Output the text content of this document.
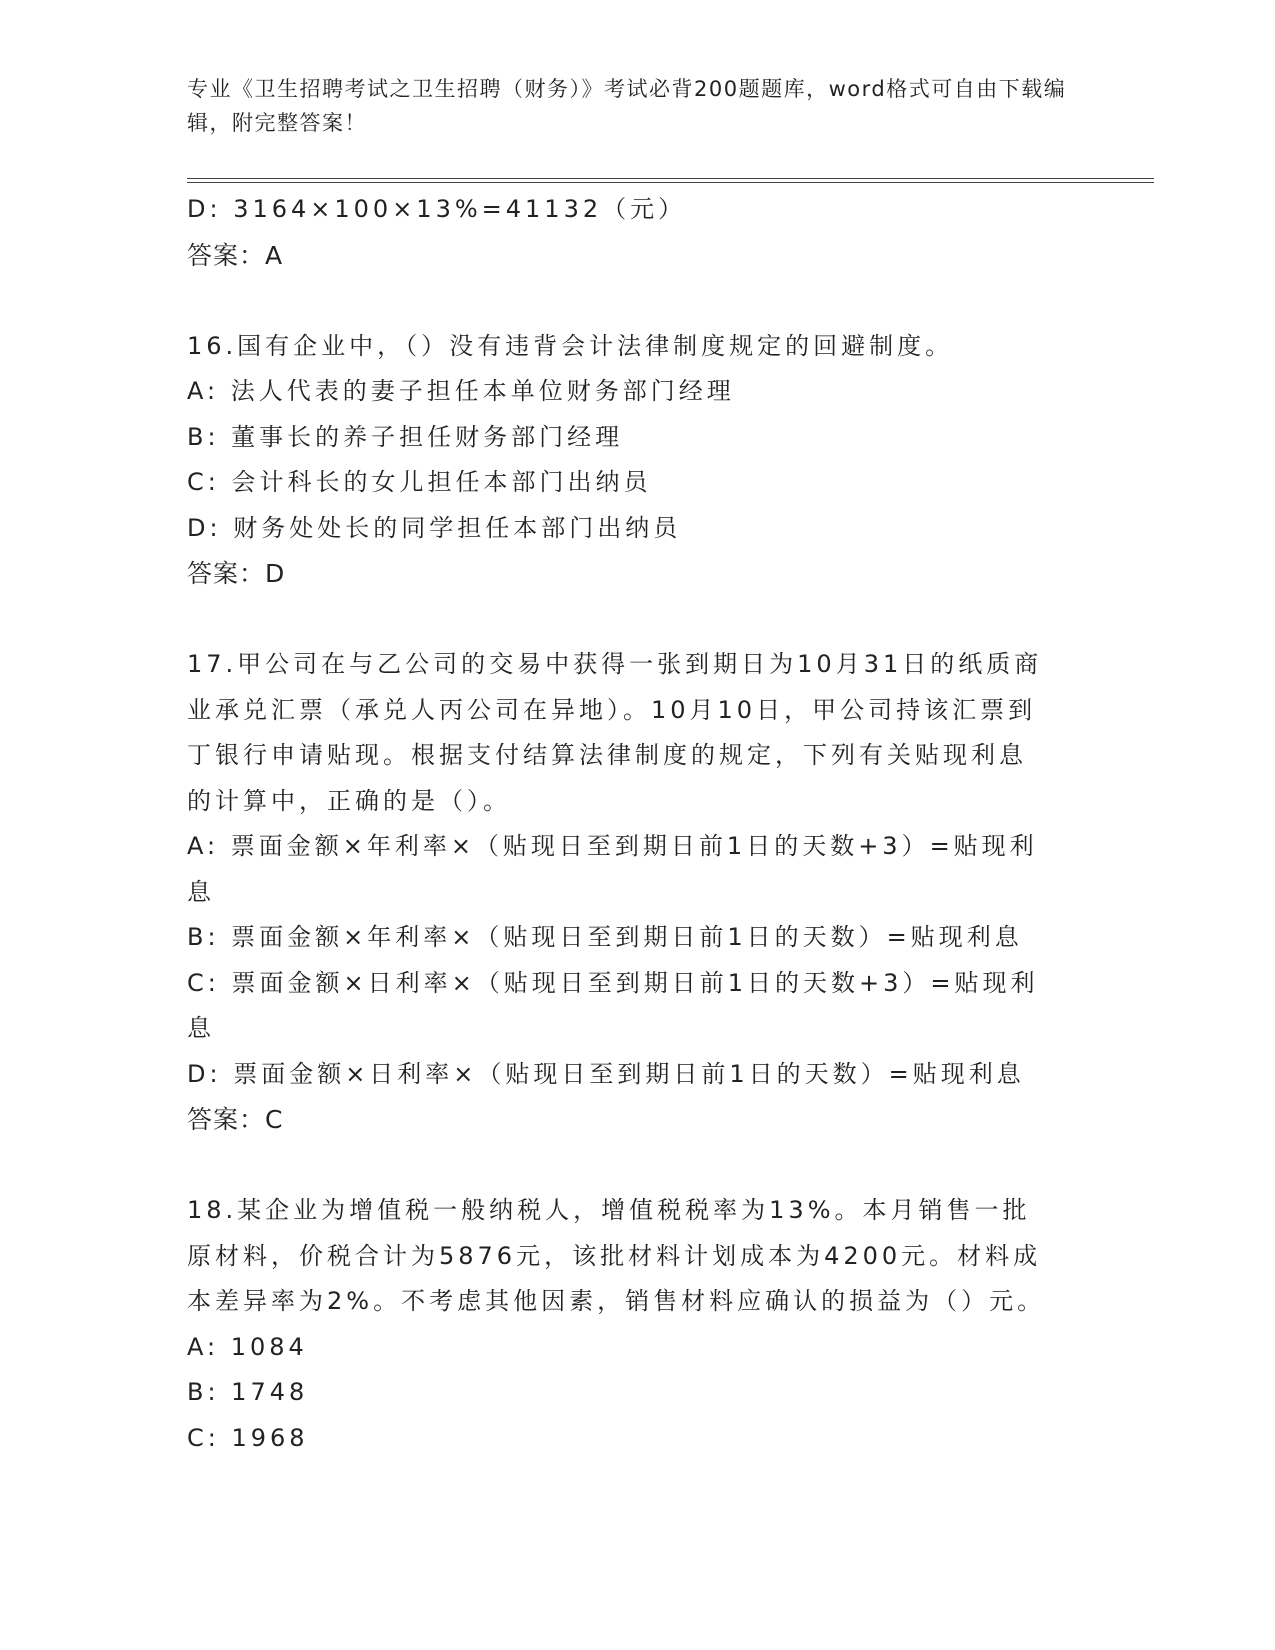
专业《卫生招聘考试之卫生招聘（财务）》考试必背200题题库，word格式可自由下载编辑，附完整答案！

D: 3164×100×13%=41132（元）

答案：A

16.国有企业中，（）没有违背会计法律制度规定的回避制度。

A: 法人代表的妻子担任本单位财务部门经理

B: 董事长的养子担任财务部门经理

C: 会计科长的女儿担任本部门出纳员

D: 财务处处长的同学担任本部门出纳员

答案：D

17.甲公司在与乙公司的交易中获得一张到期日为10月31日的纸质商业承兑汇票（承兑人丙公司在异地）。10月10日，甲公司持该汇票到丁银行申请贴现。根据支付结算法律制度的规定，下列有关贴现利息的计算中，正确的是（）。

A: 票面金额×年利率×（贴现日至到期日前1日的天数+3）=贴现利息

B: 票面金额×年利率×（贴现日至到期日前1日的天数）=贴现利息

C: 票面金额×日利率×（贴现日至到期日前1日的天数+3）=贴现利息

D: 票面金额×日利率×（贴现日至到期日前1日的天数）=贴现利息

答案：C

18.某企业为增值税一般纳税人，增值税税率为13%。本月销售一批原材料，价税合计为5876元，该批材料计划成本为4200元。材料成本差异率为2%。不考虑其他因素，销售材料应确认的损益为（）元。

A: 1084

B: 1748

C: 1968
